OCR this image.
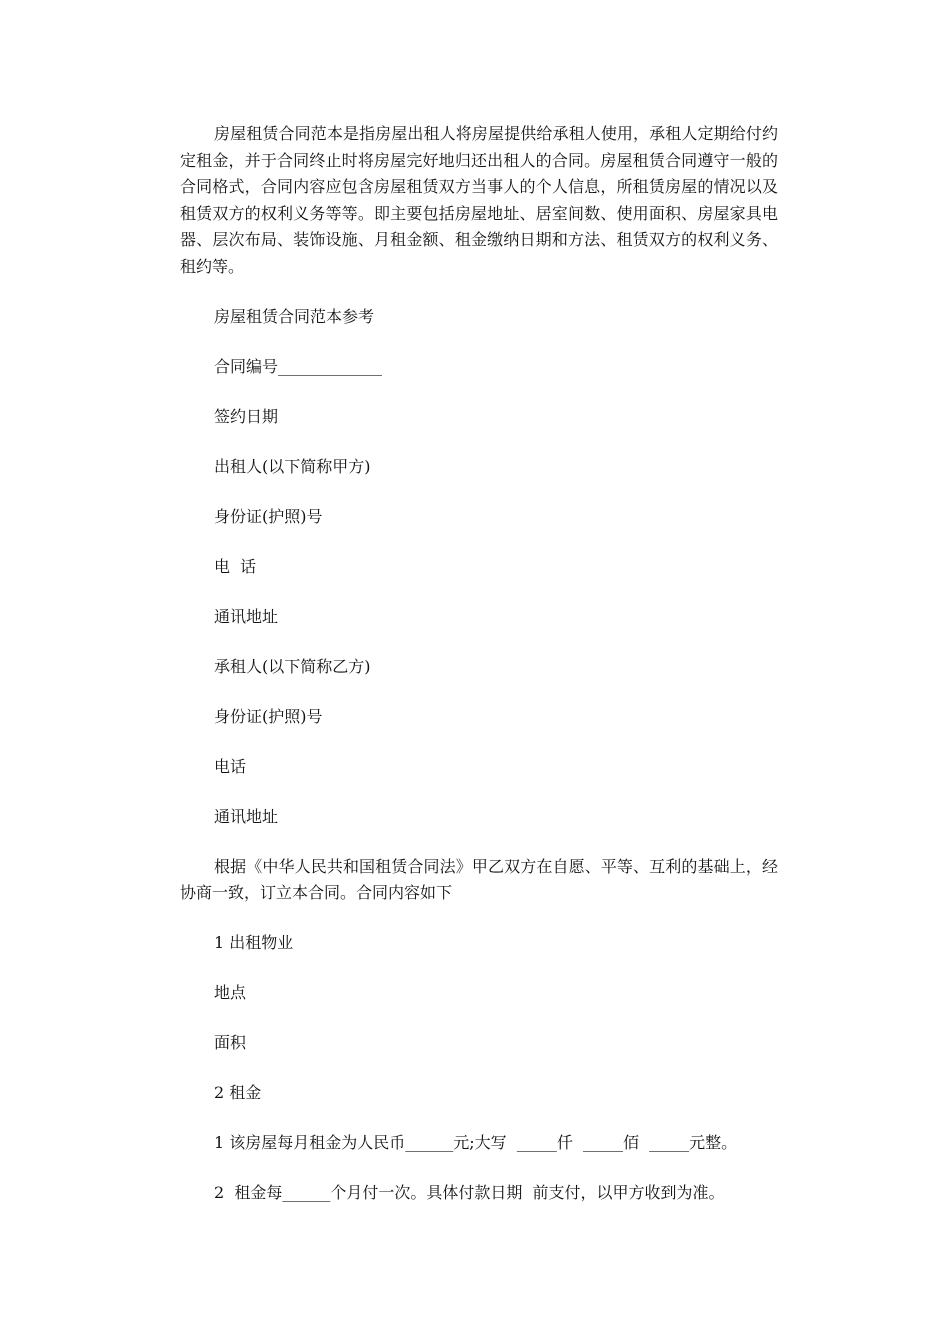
房屋租赁合同范本是指房屋出租人将房屋提供给承租人使用，承租人定期给付约定租金，并于合同终止时将房屋完好地归还出租人的合同。房屋租赁合同遵守一般的合同格式，合同内容应包含房屋租赁双方当事人的个人信息，所租赁房屋的情况以及租赁双方的权利义务等等。即主要包括房屋地址、居室间数、使用面积、房屋家具电器、层次布局、装饰设施、月租金额、租金缴纳日期和方法、租赁双方的权利义务、租约等。

房屋租赁合同范本参考

合同编号_____________

签约日期

出租人(以下简称甲方)

身份证(护照)号

电  话

通讯地址

承租人(以下简称乙方)

身份证(护照)号

电话

通讯地址

根据《中华人民共和国租赁合同法》甲乙双方在自愿、平等、互利的基础上，经协商一致，订立本合同。合同内容如下

1 出租物业

地点

面积

2 租金

1 该房屋每月租金为人民币______元;大写  _____仟  _____佰  _____元整。

2  租金每______个月付一次。具体付款日期  前支付，以甲方收到为准。
